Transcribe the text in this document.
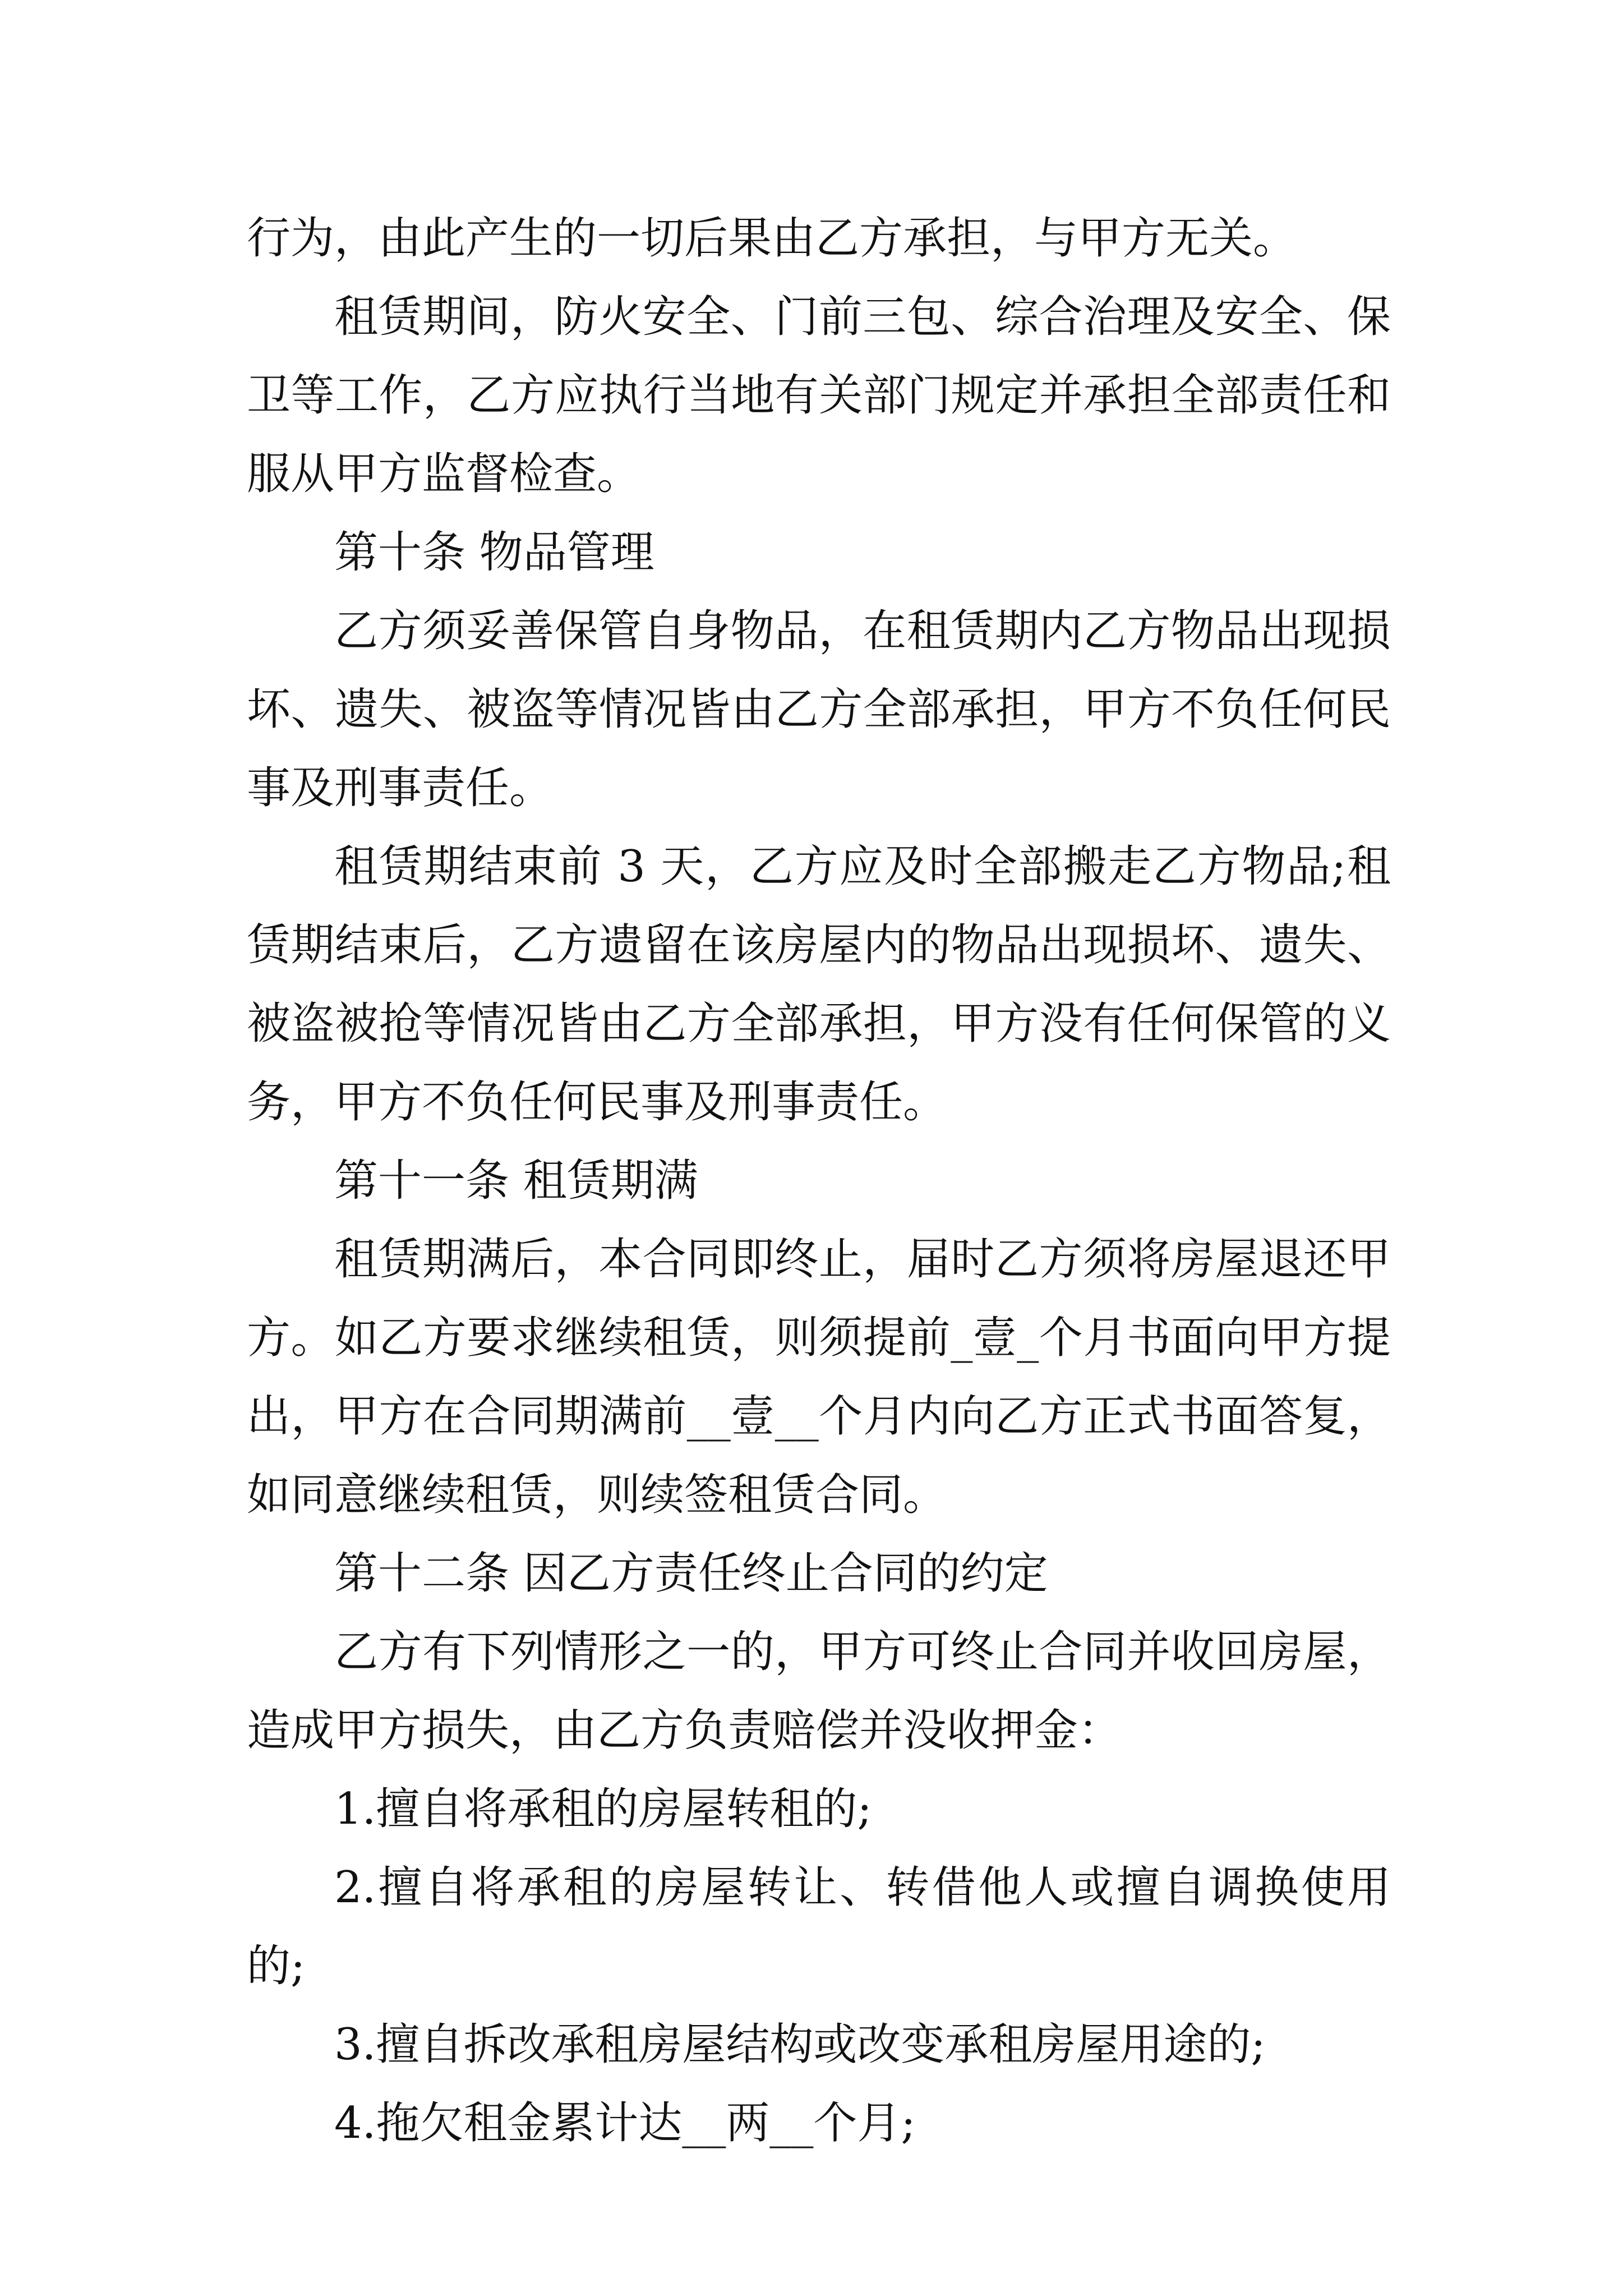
行为，由此产生的一切后果由乙方承担，与甲方无关。

租赁期间，防火安全、门前三包、综合治理及安全、保卫等工作，乙方应执行当地有关部门规定并承担全部责任和服从甲方监督检查。

第十条 物品管理

乙方须妥善保管自身物品，在租赁期内乙方物品出现损坏、遗失、被盗等情况皆由乙方全部承担，甲方不负任何民事及刑事责任。

租赁期结束前 3 天，乙方应及时全部搬走乙方物品;租赁期结束后，乙方遗留在该房屋内的物品出现损坏、遗失、被盗被抢等情况皆由乙方全部承担，甲方没有任何保管的义务，甲方不负任何民事及刑事责任。

第十一条 租赁期满

租赁期满后，本合同即终止，届时乙方须将房屋退还甲方。如乙方要求继续租赁，则须提前_壹_个月书面向甲方提出，甲方在合同期满前__壹__个月内向乙方正式书面答复，如同意继续租赁，则续签租赁合同。

第十二条 因乙方责任终止合同的约定

乙方有下列情形之一的，甲方可终止合同并收回房屋，造成甲方损失，由乙方负责赔偿并没收押金：

1.擅自将承租的房屋转租的;

2.擅自将承租的房屋转让、转借他人或擅自调换使用的;

3.擅自拆改承租房屋结构或改变承租房屋用途的;

4.拖欠租金累计达__两__个月;
